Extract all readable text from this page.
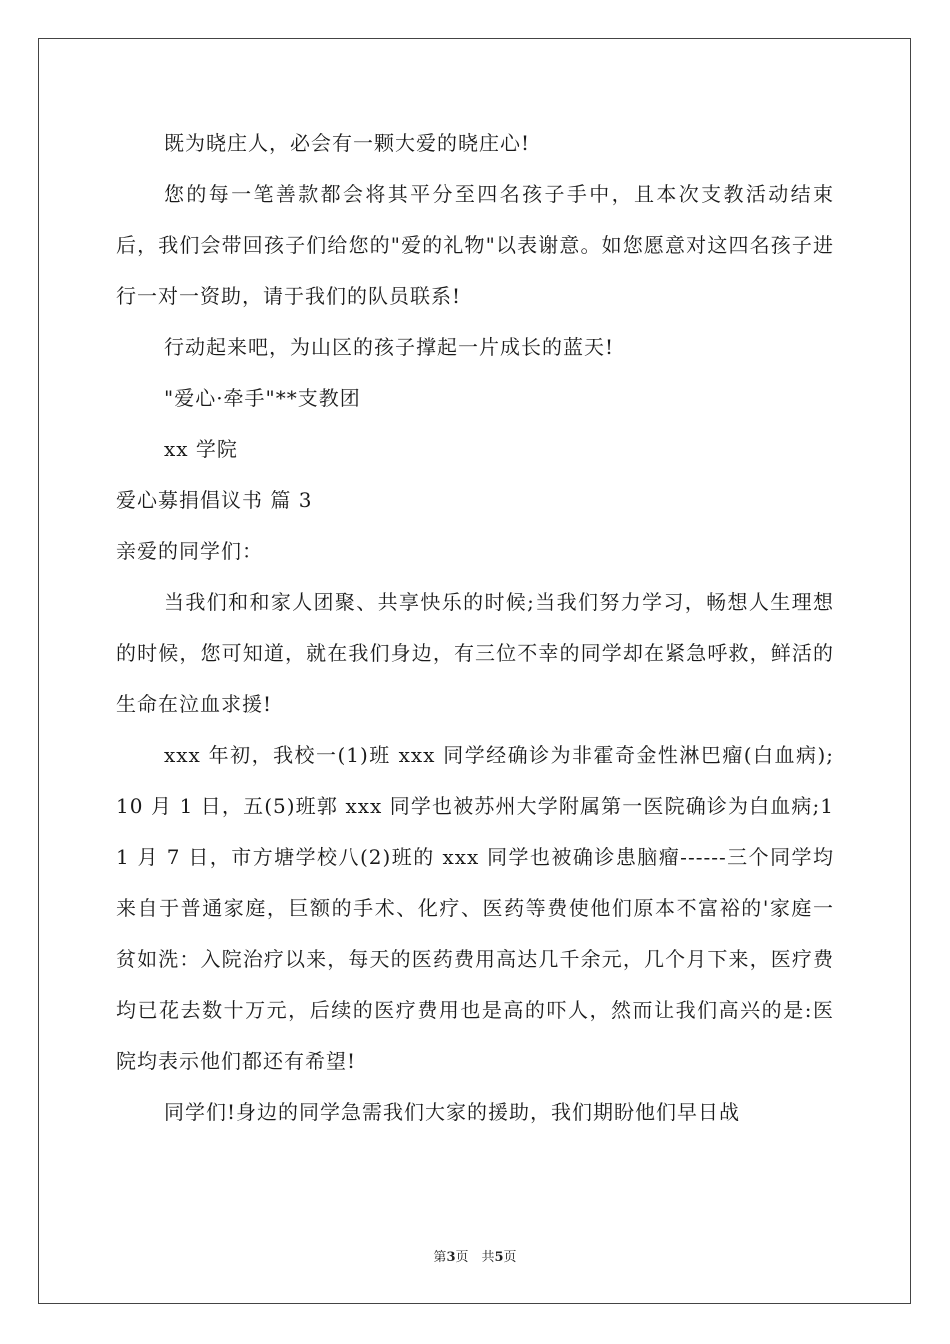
既为晓庄人，必会有一颗大爱的晓庄心!

您的每一笔善款都会将其平分至四名孩子手中，且本次支教活动结束后，我们会带回孩子们给您的"爱的礼物"以表谢意。如您愿意对这四名孩子进行一对一资助，请于我们的队员联系!

行动起来吧，为山区的孩子撑起一片成长的蓝天!

"爱心·牵手"**支教团

xx 学院

爱心募捐倡议书 篇 3

亲爱的同学们：

当我们和和家人团聚、共享快乐的时候;当我们努力学习，畅想人生理想的时候，您可知道，就在我们身边，有三位不幸的同学却在紧急呼救，鲜活的生命在泣血求援!

xxx 年初，我校一(1)班 xxx 同学经确诊为非霍奇金性淋巴瘤(白血病);10 月 1 日，五(5)班郭 xxx 同学也被苏州大学附属第一医院确诊为白血病;11 月 7 日，市方塘学校八(2)班的 xxx 同学也被确诊患脑瘤------三个同学均来自于普通家庭，巨额的手术、化疗、医药等费使他们原本不富裕的'家庭一贫如洗：入院治疗以来，每天的医药费用高达几千余元，几个月下来，医疗费均已花去数十万元，后续的医疗费用也是高的吓人，然而让我们高兴的是:医院均表示他们都还有希望!

同学们!身边的同学急需我们大家的援助，我们期盼他们早日战

第3页　共5页
